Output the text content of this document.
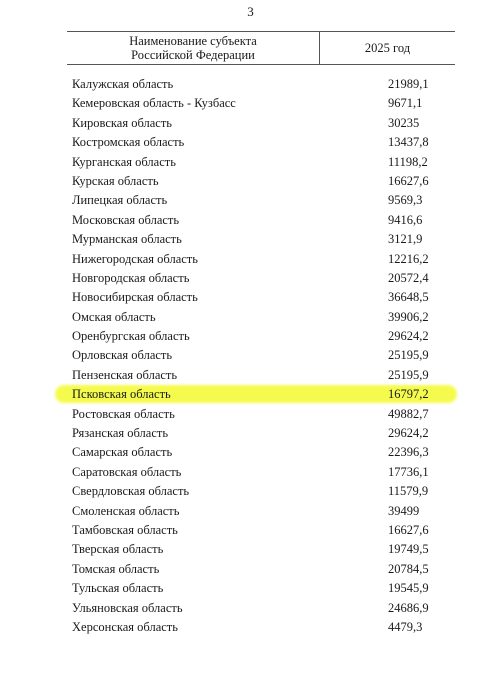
3
Наименование субъекта
Российской Федерации	2025 год
Калужская область	21989,1
Кемеровская область - Кузбасс	9671,1
Кировская область	30235
Костромская область	13437,8
Курганская область	11198,2
Курская область	16627,6
Липецкая область	9569,3
Московская область	9416,6
Мурманская область	3121,9
Нижегородская область	12216,2
Новгородская область	20572,4
Новосибирская область	36648,5
Омская область	39906,2
Оренбургская область	29624,2
Орловская область	25195,9
Пензенская область	25195,9
Псковская область	16797,2
Ростовская область	49882,7
Рязанская область	29624,2
Самарская область	22396,3
Саратовская область	17736,1
Свердловская область	11579,9
Смоленская область	39499
Тамбовская область	16627,6
Тверская область	19749,5
Томская область	20784,5
Тульская область	19545,9
Ульяновская область	24686,9
Херсонская область	4479,3
